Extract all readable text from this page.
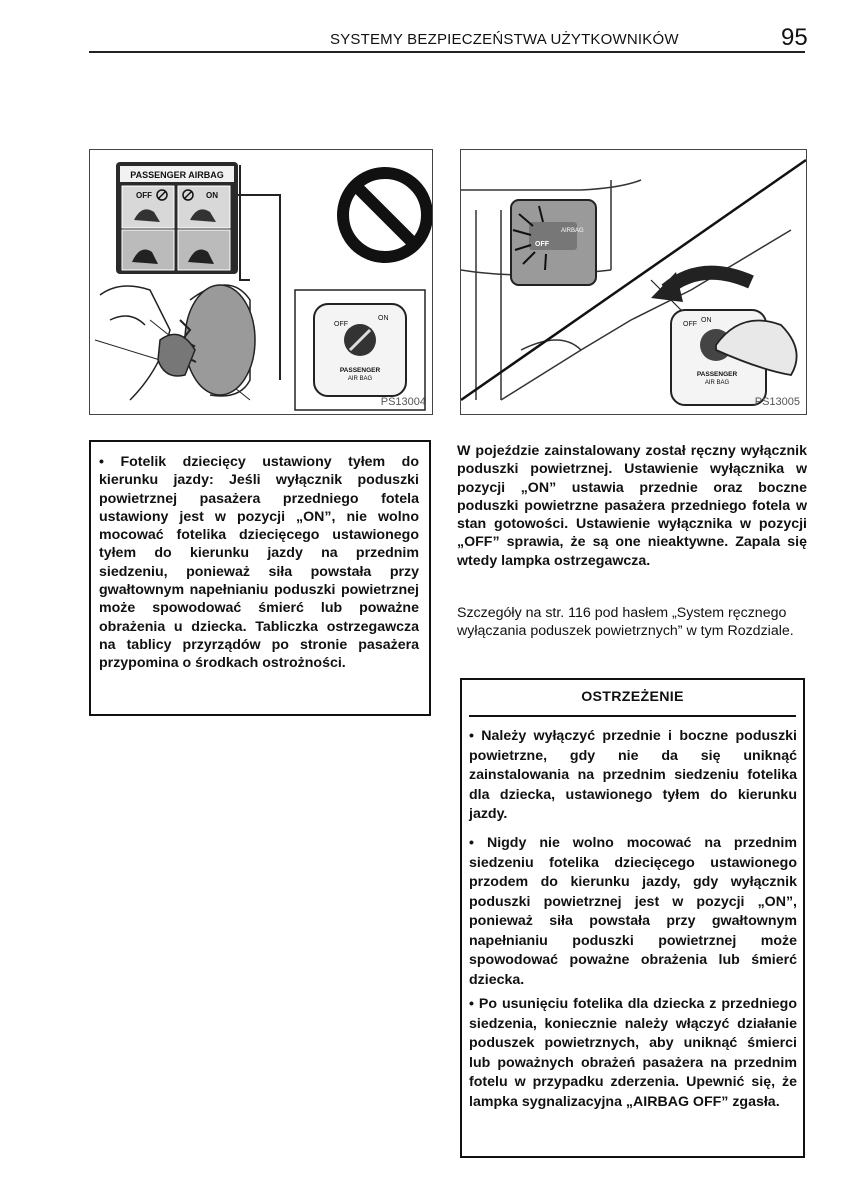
SYSTEMY BEZPIECZEŃSTWA UŻYTKOWNIKÓW	95
PASSENGER AIRBAG
OFF	ON
OFF
ON
PASSENGER
AIR BAG
PS13004
AIRBAG
OFF
OFF
ON
PASSENGER
AIR BAG
PS13005

• Fotelik dziecięcy ustawiony tyłem do kierunku jazdy: Jeśli wyłącznik poduszki powietrznej pasażera przedniego fotela ustawiony jest w pozycji „ON”, nie wolno mocować fotelika dziecięcego ustawionego tyłem do kierunku jazdy na przednim siedzeniu, ponieważ siła powstała przy gwałtownym napełnianiu poduszki powietrznej może spowodować śmierć lub poważne obrażenia u dziecka. Tabliczka ostrzegawcza na tablicy przyrządów po stronie pasażera przypomina o środkach ostrożności.

W pojeździe zainstalowany został ręczny wyłącznik poduszki powietrznej. Ustawienie wyłącznika w pozycji „ON” ustawia przednie oraz boczne poduszki powietrzne pasażera przedniego fotela w stan gotowości. Ustawienie wyłącznika w pozycji „OFF” sprawia, że są one nieaktywne. Zapala się wtedy lampka ostrzegawcza.

Szczegóły na str. 116 pod hasłem „System ręcznego wyłączania poduszek powietrznych” w tym Rozdziale.

OSTRZEŻENIE

• Należy wyłączyć przednie i boczne poduszki powietrzne, gdy nie da się uniknąć zainstalowania na przednim siedzeniu fotelika dla dziecka, ustawionego tyłem do kierunku jazdy.

• Nigdy nie wolno mocować na przednim siedzeniu fotelika dziecięcego ustawionego przodem do kierunku jazdy, gdy wyłącznik poduszki powietrznej jest w pozycji „ON”, ponieważ siła powstała przy gwałtownym napełnianiu poduszki powietrznej może spowodować poważne obrażenia lub śmierć dziecka.

• Po usunięciu fotelika dla dziecka z przedniego siedzenia, koniecznie należy włączyć działanie poduszek powietrznych, aby uniknąć śmierci lub poważnych obrażeń pasażera na przednim fotelu w przypadku zderzenia. Upewnić się, że lampka sygnalizacyjna „AIRBAG OFF” zgasła.
